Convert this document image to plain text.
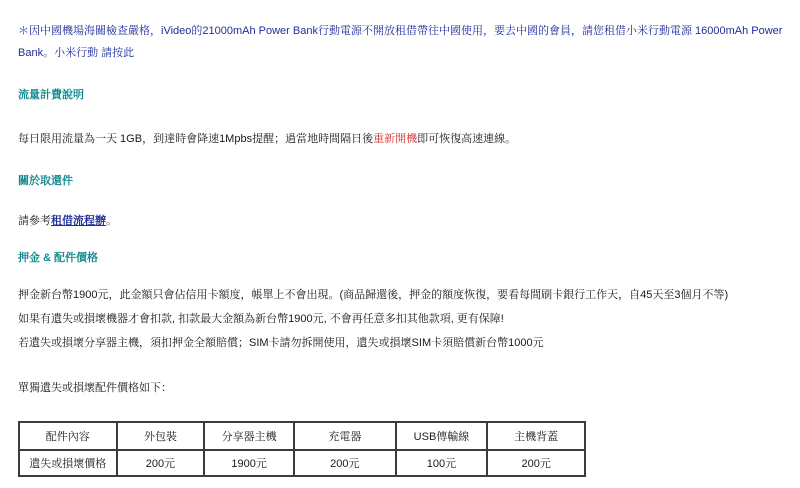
＊因中國機場海關檢查嚴格，iVideo的21000mAh Power Bank行動電源不開放租借帶往中國使用，要去中國的會員，請您租借小米行動電源 16000mAh Power Bank。小米行動 請按此
流量計費說明
每日限用流量為一天 1GB，到達時會降速1Mpbs提醒；過當地時間隔日後重新開機即可恢復高速連線。
關於取還件
請參考租借流程辦。
押金 & 配件價格
押金新台幣1900元，此金額只會佔信用卡額度，帳單上不會出現。(商品歸還後，押金的額度恢復，要看每間刷卡銀行工作天，自45天至3個月不等)
如果有遺失或損壞機器才會扣款, 扣款最大金額為新台幣1900元, 不會再任意多扣其他款項, 更有保障!
若遺失或損壞分享器主機，須扣押金全額賠償；SIM卡請勿拆開使用，遺失或損壞SIM卡須賠償新台幣1000元
單獨遺失或損壞配件價格如下：
配件內容	外包裝	分享器主機	充電器	USB傳輸線	主機背蓋
遺失或損壞價格	200元	1900元	200元	100元	200元
